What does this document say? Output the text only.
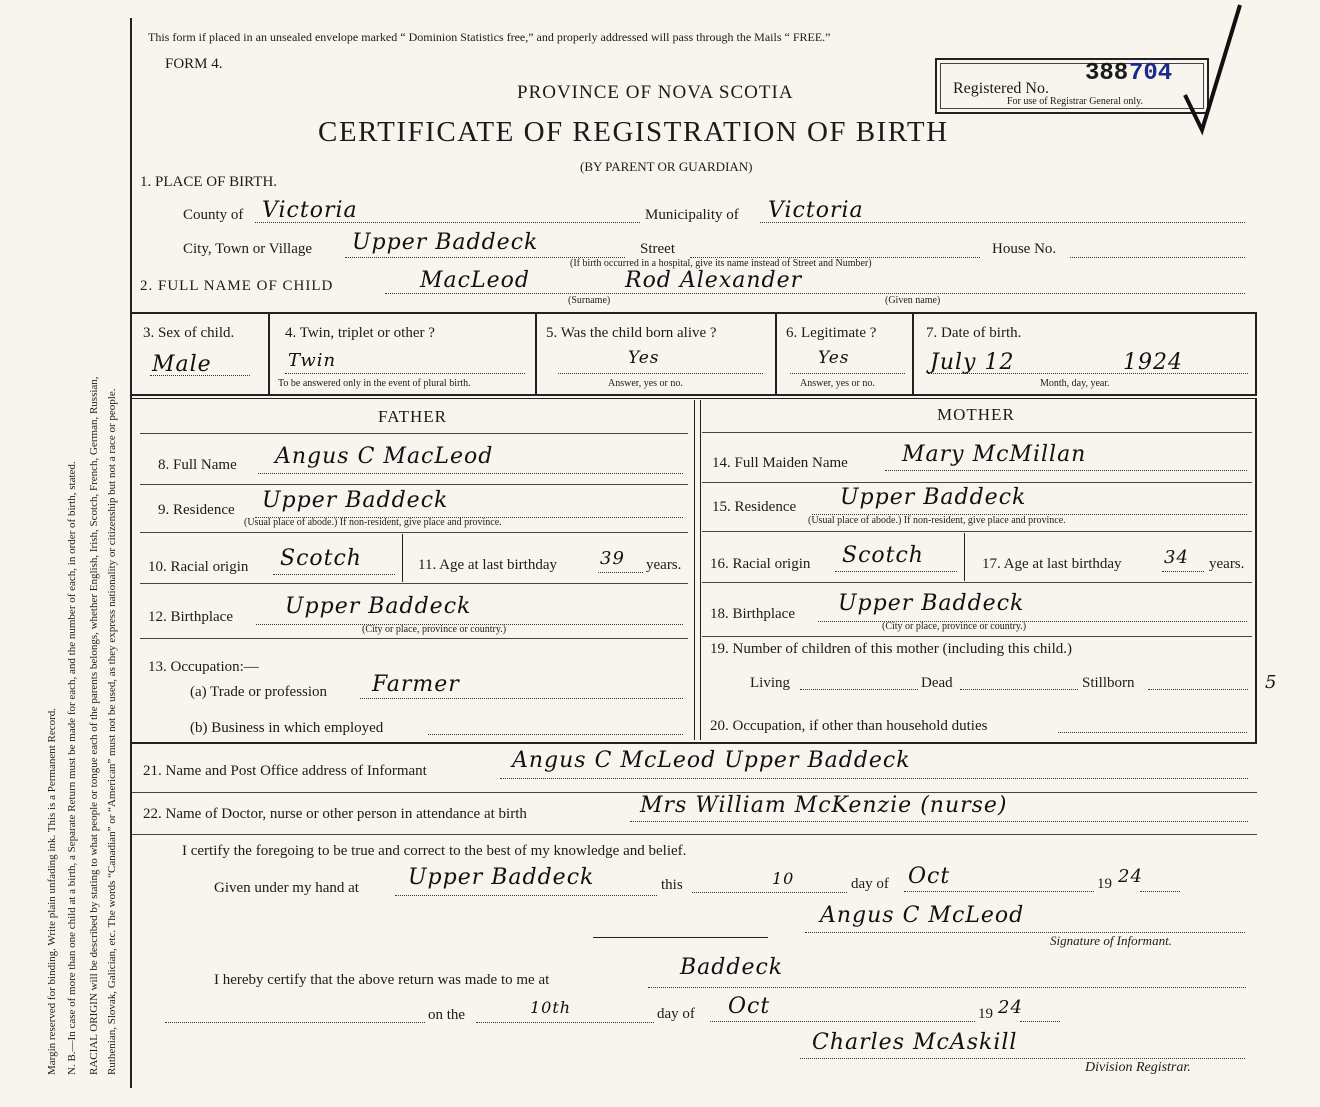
Margin reserved for binding. Write plain unfading ink. This is a Permanent Record. N. B.—In case of more than one child at a birth, a Separate Return must be made for each, and the number of each, in order of birth, stated. RACIAL ORIGIN will be described by stating to what people or tongue each of the parents belongs, whether English, Irish, Scotch, French, German, Russian, Ruthenian, Slovak, Galician, etc. The words “Canadian” or “American” must not be used, as they express nationality or citizenship but not a race or people.
This form if placed in an unsealed envelope marked “ Dominion Statistics free,” and properly addressed will pass through the Mails “ FREE.”
FORM 4.
PROVINCE OF NOVA SCOTIA
CERTIFICATE OF REGISTRATION OF BIRTH
(BY PARENT OR GUARDIAN)
Registered No.
388 704
For use of Registrar General only.
1. PLACE OF BIRTH.
County of Victoria	Municipality of Victoria
City, Town or Village Upper Baddeck	Street	House No.
(If birth occurred in a hospital, give its name instead of Street and Number)
2. FULL NAME OF CHILD	MacLeod	Rod Alexander
(Surname)	(Given name)
3. Sex of child.
Male
4. Twin, triplet or other ?
Twin
To be answered only in the event of plural birth.
5. Was the child born alive ?
Yes
Answer, yes or no.
6. Legitimate ?
Yes
Answer, yes or no.
7. Date of birth.
July 12	1924
Month, day, year.
FATHER	MOTHER
8. Full Name Angus C MacLeod
9. Residence Upper Baddeck
(Usual place of abode.) If non-resident, give place and province.
10. Racial origin Scotch	11. Age at last birthday 39 years.
12. Birthplace Upper Baddeck
(City or place, province or country.)
13. Occupation:—
(a) Trade or profession Farmer
(b) Business in which employed
14. Full Maiden Name Mary McMillan
15. Residence Upper Baddeck
(Usual place of abode.) If non-resident, give place and province.
16. Racial origin Scotch	17. Age at last birthday 34 years.
18. Birthplace Upper Baddeck
(City or place, province or country.)
19. Number of children of this mother (including this child.)
Living	Dead	Stillborn	5
20. Occupation, if other than household duties
21. Name and Post Office address of Informant	Angus C McLeod Upper Baddeck
22. Name of Doctor, nurse or other person in attendance at birth	Mrs William McKenzie (nurse)
I certify the foregoing to be true and correct to the best of my knowledge and belief.
Given under my hand at Upper Baddeck	this	10	day of Oct	19 24
Angus C McLeod
Signature of Informant.
I hereby certify that the above return was made to me at	Baddeck
on the	10th	day of Oct	19 24
Charles McAskill
Division Registrar.
